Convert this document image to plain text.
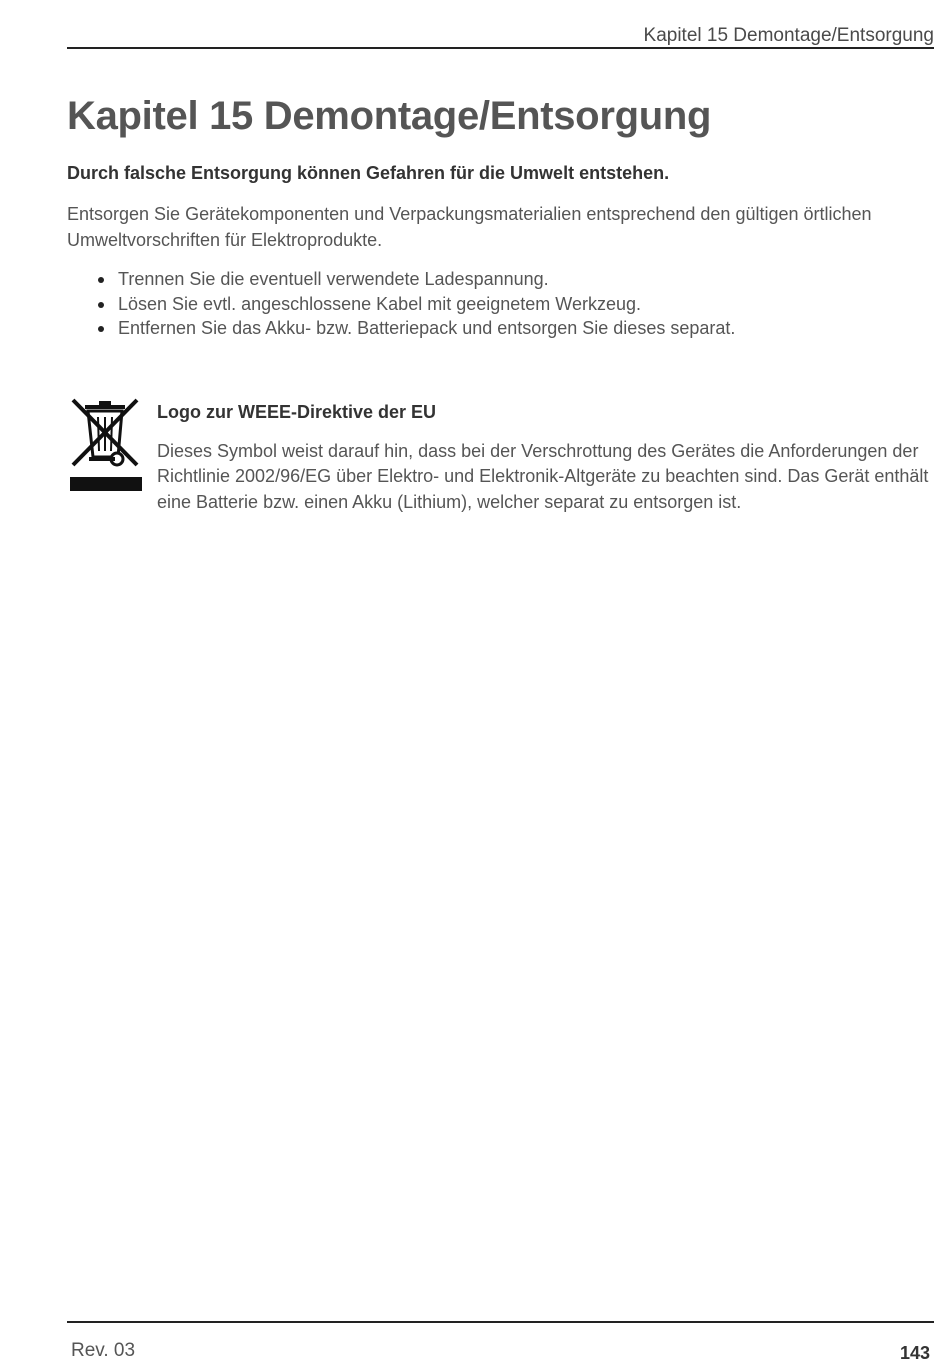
Kapitel 15 Demontage/Entsorgung
Kapitel 15 Demontage/Entsorgung

Durch falsche Entsorgung können Gefahren für die Umwelt entstehen.

Entsorgen Sie Gerätekomponenten und Verpackungsmaterialien entsprechend den gültigen örtlichen Umweltvorschriften für Elektroprodukte.

Trennen Sie die eventuell verwendete Ladespannung.
Lösen Sie evtl. angeschlossene Kabel mit geeignetem Werkzeug.
Entfernen Sie das Akku- bzw. Batteriepack und entsorgen Sie dieses separat.

Logo zur WEEE-Direktive der EU

Dieses Symbol weist darauf hin, dass bei der Verschrottung des Gerätes die Anforderungen der Richtlinie 2002/96/EG über Elektro- und Elektronik-Altgeräte zu beachten sind. Das Gerät enthält eine Batterie bzw. einen Akku (Lithium), welcher separat zu entsorgen ist.

Rev. 03	143
